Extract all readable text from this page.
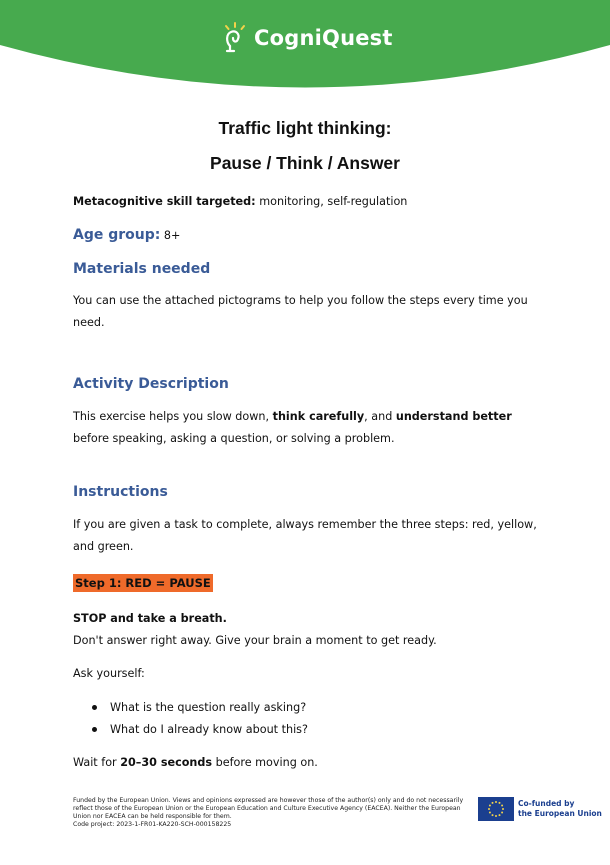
CogniQuest
Traffic light thinking:
Pause / Think / Answer
Metacognitive skill targeted: monitoring, self-regulation
Age group: 8+
Materials needed
You can use the attached pictograms to help you follow the steps every time you need.
Activity Description
This exercise helps you slow down, think carefully, and understand better before speaking, asking a question, or solving a problem.
Instructions
If you are given a task to complete, always remember the three steps: red, yellow, and green.
Step 1: RED = PAUSE
STOP and take a breath.
Don't answer right away. Give your brain a moment to get ready.
Ask yourself:
What is the question really asking?
What do I already know about this?
Wait for 20–30 seconds before moving on.
Funded by the European Union. Views and opinions expressed are however those of the author(s) only and do not necessarily reflect those of the European Union or the European Education and Culture Executive Agency (EACEA). Neither the European Union nor EACEA can be held responsible for them.
Code project: 2023-1-FR01-KA220-SCH-000158225
Co-funded by
the European Union
